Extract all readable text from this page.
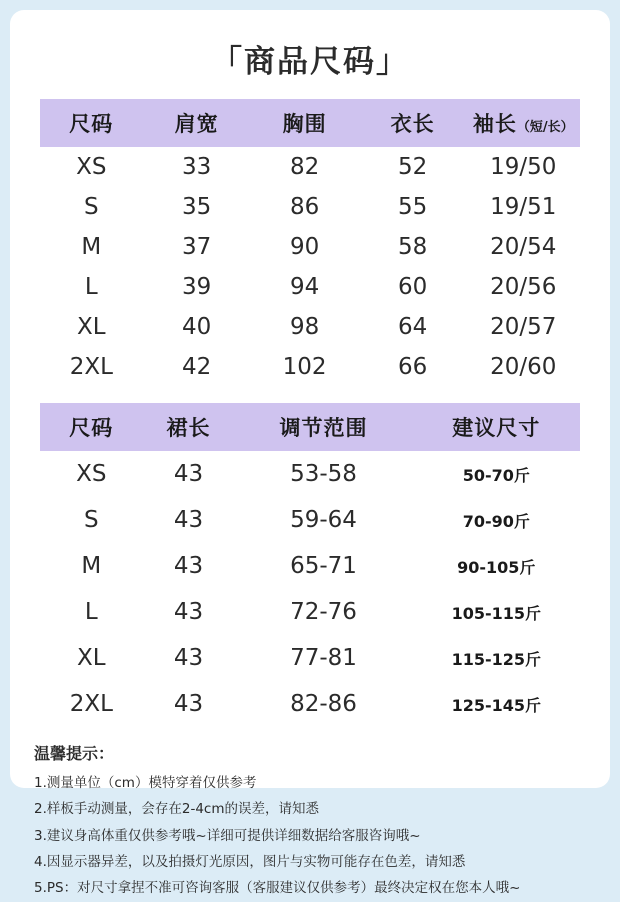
「商品尺码」
尺码	肩宽	胸围	衣长	袖长（短/长）
XS	33	82	52	19/50
S	35	86	55	19/51
M	37	90	58	20/54
L	39	94	60	20/56
XL	40	98	64	20/57
2XL	42	102	66	20/60
尺码	裙长	调节范围	建议尺寸
XS	43	53-58	50-70斤
S	43	59-64	70-90斤
M	43	65-71	90-105斤
L	43	72-76	105-115斤
XL	43	77-81	115-125斤
2XL	43	82-86	125-145斤
温馨提示：
1.测量单位（cm）模特穿着仅供参考
2.样板手动测量，会存在2-4cm的误差，请知悉
3.建议身高体重仅供参考哦~详细可提供详细数据给客服咨询哦~
4.因显示器异差，以及拍摄灯光原因，图片与实物可能存在色差，请知悉
5.PS：对尺寸拿捏不准可咨询客服（客服建议仅供参考）最终决定权在您本人哦~
